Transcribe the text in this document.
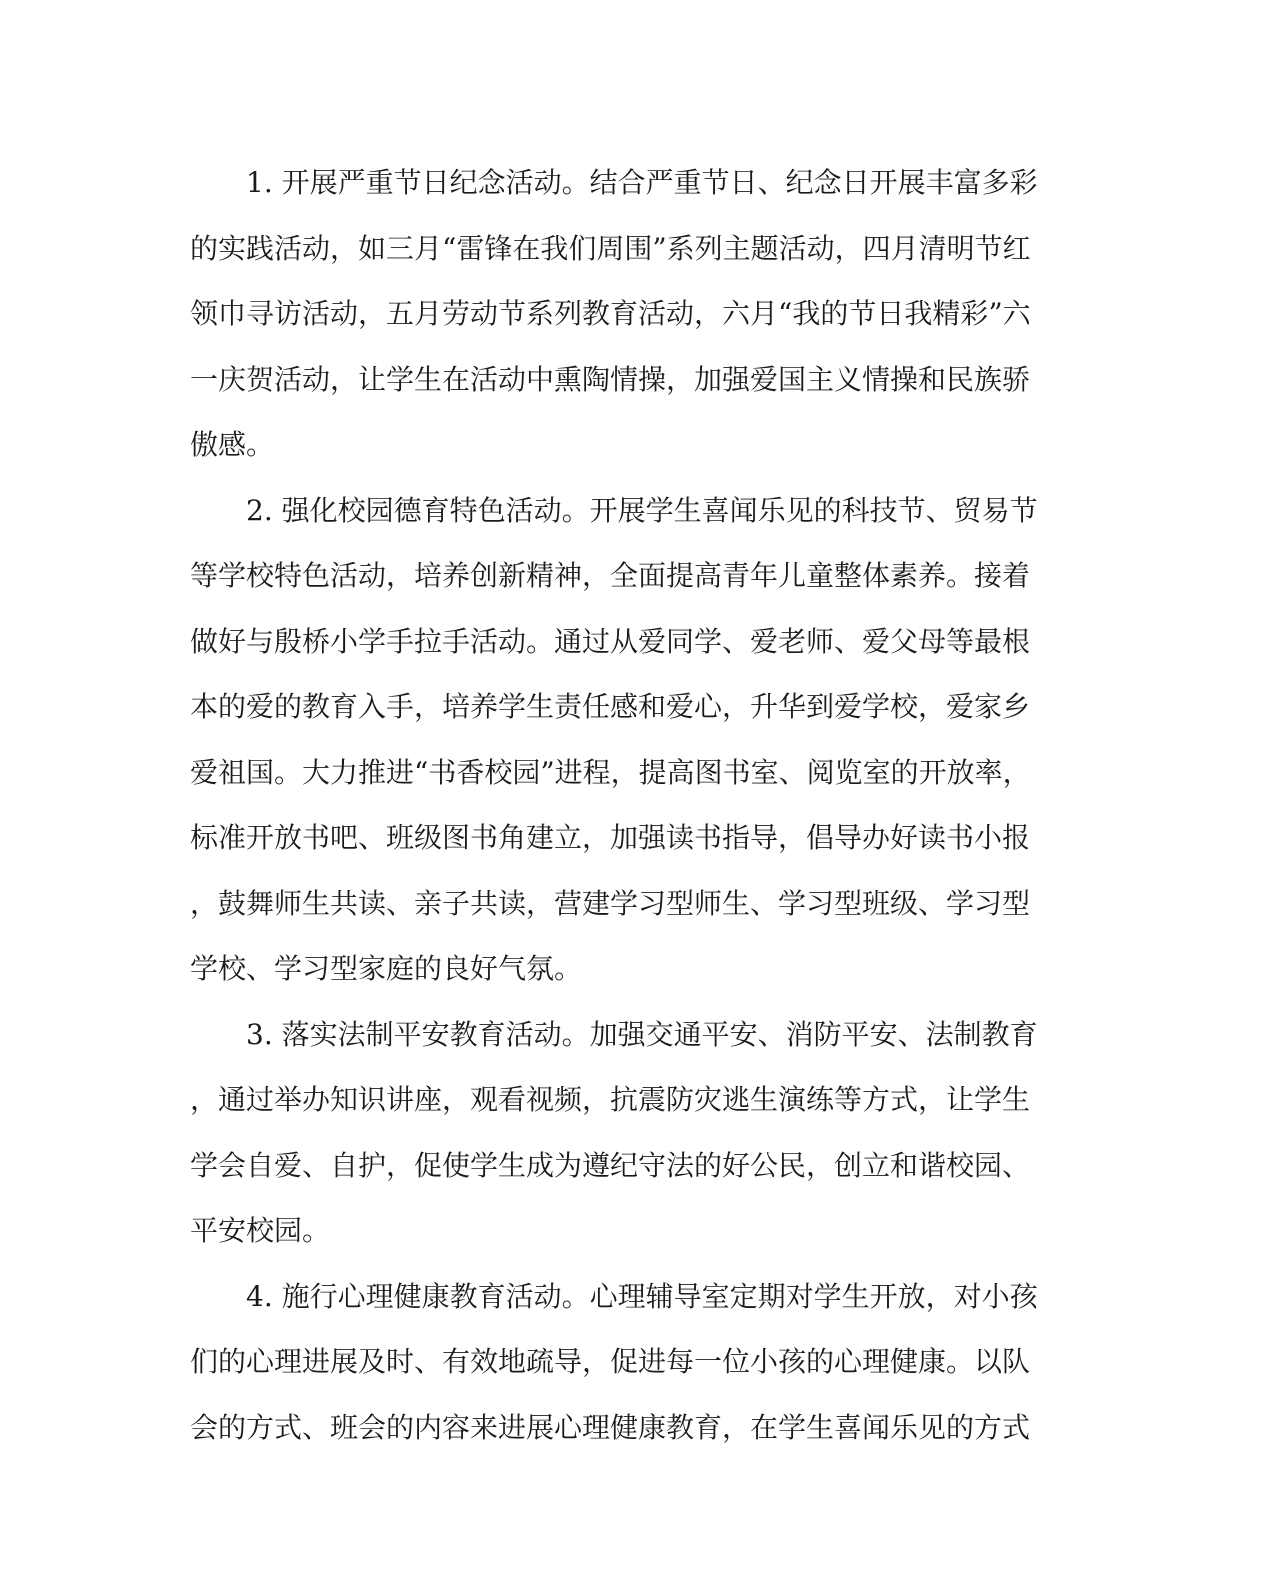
1. 开展严重节日纪念活动。结合严重节日、纪念日开展丰富多彩
的实践活动，如三月“雷锋在我们周围”系列主题活动，四月清明节红
领巾寻访活动，五月劳动节系列教育活动，六月“我的节日我精彩”六
一庆贺活动，让学生在活动中熏陶情操，加强爱国主义情操和民族骄
傲感。
2. 强化校园德育特色活动。开展学生喜闻乐见的科技节、贸易节
等学校特色活动，培养创新精神，全面提高青年儿童整体素养。接着
做好与殷桥小学手拉手活动。通过从爱同学、爱老师、爱父母等最根
本的爱的教育入手，培养学生责任感和爱心，升华到爱学校，爱家乡
爱祖国。大力推进“书香校园”进程，提高图书室、阅览室的开放率，
标准开放书吧、班级图书角建立，加强读书指导，倡导办好读书小报
，鼓舞师生共读、亲子共读，营建学习型师生、学习型班级、学习型
学校、学习型家庭的良好气氛。
3. 落实法制平安教育活动。加强交通平安、消防平安、法制教育
，通过举办知识讲座，观看视频，抗震防灾逃生演练等方式，让学生
学会自爱、自护，促使学生成为遵纪守法的好公民，创立和谐校园、
平安校园。
4. 施行心理健康教育活动。心理辅导室定期对学生开放，对小孩
们的心理进展及时、有效地疏导，促进每一位小孩的心理健康。以队
会的方式、班会的内容来进展心理健康教育，在学生喜闻乐见的方式
